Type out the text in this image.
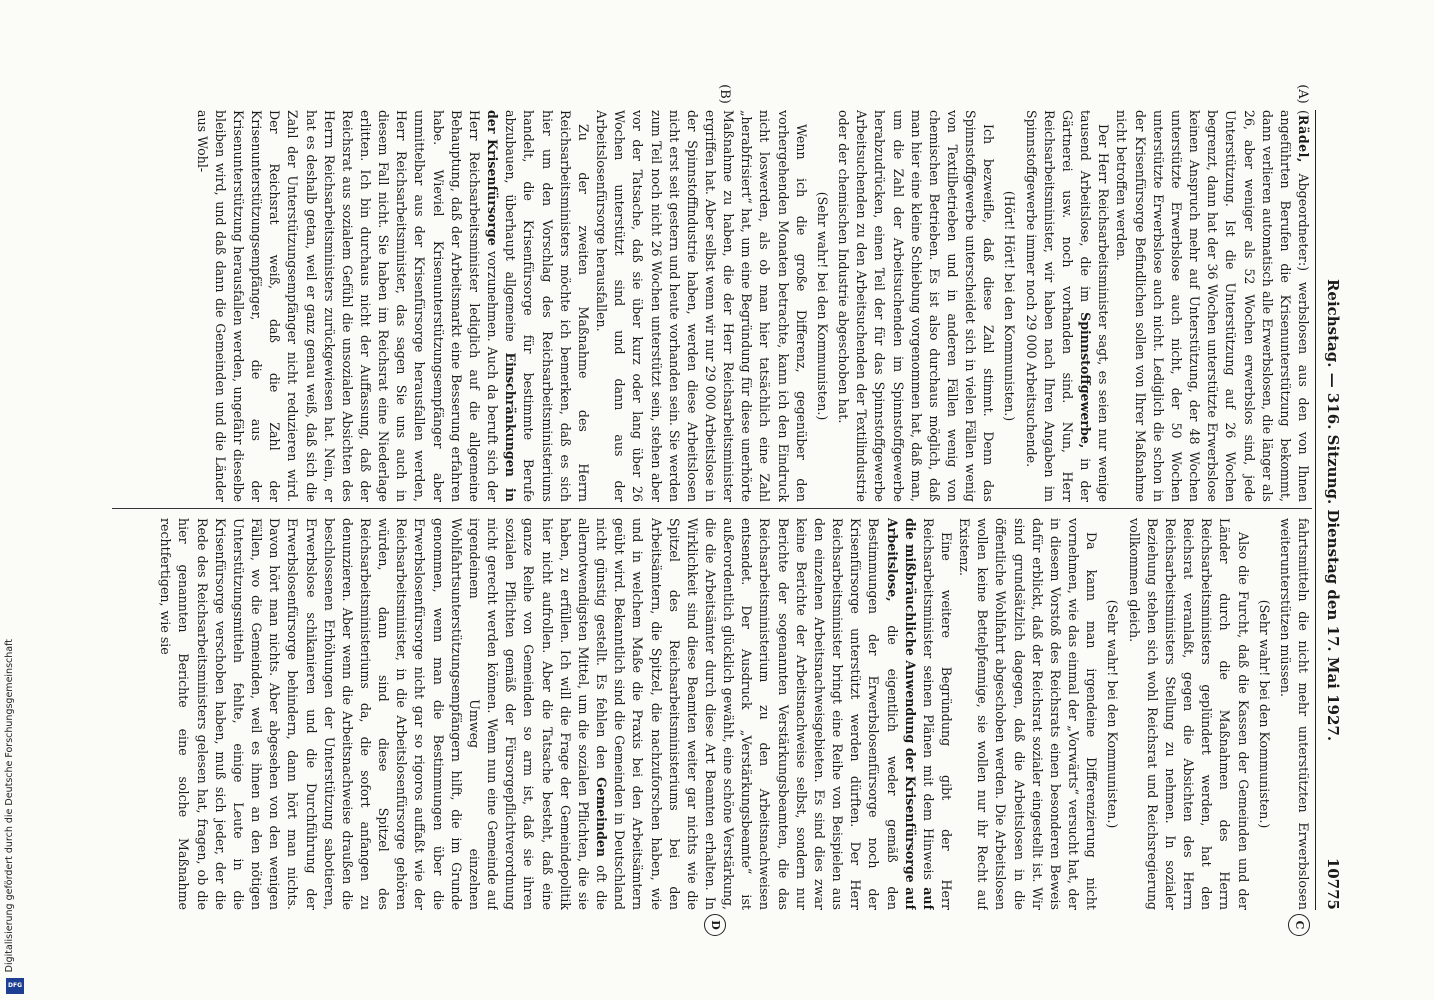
Reichstag. — 316. Sitzung. Dienstag den 17. Mai 1927.
10775

(Rädel, Abgeordneter:) werbslosen aus den von Ihnen angeführten Berufen die Krisenunterstützung bekommt, dann verlieren automatisch alle Erwerbslosen, die länger als 26, aber weniger als 52 Wochen erwerbslos sind, jede Unterstützung. Ist die Unterstützung auf 26 Wochen begrenzt, dann hat der 36 Wochen unterstützte Erwerbslose keinen Anspruch mehr auf Unterstützung, der 48 Wochen unterstützte Erwerbslose auch nicht, der 50 Wochen unterstützte Erwerbslose auch nicht. Lediglich die schon in der Krisenfürsorge Befindlichen sollen von Ihrer Maßnahme nicht betroffen werden.

Der Herr Reichsarbeitsminister sagt, es seien nur wenige tausend Arbeitslose, die im Spinnstoffgewerbe, in der Gärtnerei usw. noch vorhanden sind. Nun, Herr Reichsarbeitsminister, wir haben nach Ihren Angaben im Spinnstoffgewerbe immer noch 29 000 Arbeitsuchende.

(Hört! Hört! bei den Kommunisten.)

Ich bezweifle, daß diese Zahl stimmt. Denn das Spinnstoffgewerbe unterscheidet sich in vielen Fällen wenig von Textilbetrieben und in anderen Fällen wenig von chemischen Betrieben. Es ist also durchaus möglich, daß man hier eine kleine Schiebung vorgenommen hat, daß man, um die Zahl der Arbeitsuchenden im Spinnstoffgewerbe herabzudrücken, einen Teil der für das Spinnstoffgewerbe Arbeitsuchenden zu den Arbeitsuchenden der Textilindustrie oder der chemischen Industrie abgeschoben hat.

(Sehr wahr! bei den Kommunisten.)

Wenn ich die große Differenz, gegenüber den vorhergehenden Monaten betrachte, kann ich den Eindruck nicht loswerden, als ob man hier tatsächlich eine Zahl „herabfrisiert“ hat, um eine Begründung für diese unerhörte Maßnahme zu haben, die der Herr Reichsarbeitsminister ergriffen hat. Aber selbst wenn wir nur 29 000 Arbeitslose in der Spinnstoffindustrie haben, werden diese Arbeitslosen nicht erst seit gestern und heute vorhanden sein. Sie werden zum Teil noch nicht 26 Wochen unterstützt sein, stehen aber vor der Tatsache, daß sie über kurz oder lang über 26 Wochen unterstützt sind und dann aus der Arbeitslosenfürsorge herausfallen.

Zu der zweiten Maßnahme des Herrn Reichsarbeitsministers möchte ich bemerken, daß es sich hier um den Vorschlag des Reichsarbeitsministeriums handelt, die Krisenfürsorge für bestimmte Berufe abzubauen, überhaupt allgemeine Einschränkungen in der Krisenfürsorge vorzunehmen. Auch da beruft sich der Herr Reichsarbeitsminister lediglich auf die allgemeine Behauptung, daß der Arbeitsmarkt eine Besserung erfahren habe. Wieviel Krisenunterstützungsempfänger aber unmittelbar aus der Krisenfürsorge herausfallen werden, Herr Reichsarbeitsminister, das sagen Sie uns auch in diesem Fall nicht. Sie haben im Reichsrat eine Niederlage erlitten. Ich bin durchaus nicht der Auffassung, daß der Reichsrat aus sozialem Gefühl die unsozialen Absichten des Herrn Reichsarbeitsministers zurückgewiesen hat. Nein, er hat es deshalb getan, weil er ganz genau weiß, daß sich die Zahl der Unterstützungsempfänger nicht reduzieren wird. Der Reichsrat weiß, daß die Zahl der Krisenunterstützungsempfänger, die aus der Krisenunterstützung herausfallen werden, ungefähr dieselbe bleiben wird, und daß dann die Gemeinden und die Länder aus Wohl-

fahrtsmitteln die nicht mehr unterstützten Erwerbslosen weiterunterstützen müssen.

(Sehr wahr! bei den Kommunisten.)

Also die Furcht, daß die Kassen der Gemeinden und der Länder durch die Maßnahmen des Herrn Reichsarbeitsministers geplündert werden, hat den Reichsrat veranlaßt, gegen die Absichten des Herrn Reichsarbeitsministers Stellung zu nehmen. In sozialer Beziehung stehen sich wohl Reichsrat und Reichsregierung vollkommen gleich.

(Sehr wahr! bei den Kommunisten.)

Da kann man irgendeine Differenzierung nicht vornehmen, wie das einmal der „Vorwärts“ versucht hat, der in diesem Vorstoß des Reichsrats einen besonderen Beweis dafür erblickt, daß der Reichsrat sozialer eingestellt ist. Wir sind grundsätzlich dagegen, daß die Arbeitslosen in die öffentliche Wohlfahrt abgeschoben werden. Die Arbeitslosen wollen keine Bettelpfennige, sie wollen nur ihr Recht auf Existenz.

Eine weitere Begründung gibt der Herr Reichsarbeitsminister seinen Plänen mit dem Hinweis auf die mißbräuchliche Anwendung der Krisenfürsorge auf Arbeitslose, die eigentlich weder gemäß den Bestimmungen der Erwerbslosenfürsorge noch der Krisenfürsorge unterstützt werden dürften. Der Herr Reichsarbeitsminister bringt eine Reihe von Beispielen aus den einzelnen Arbeitsnachweisgebieten. Es sind dies zwar keine Berichte der Arbeitsnachweise selbst, sondern nur Berichte der sogenannten Verstärkungsbeamten, die das Reichsarbeitsministerium zu den Arbeitsnachweisen entsendet. Der Ausdruck „Verstärkungsbeamte“ ist außerordentlich glücklich gewählt, eine schöne Verstärkung, die die Arbeitsämter durch diese Art Beamten erhalten. In Wirklichkeit sind diese Beamten weiter gar nichts wie die Spitzel des Reichsarbeitsministeriums bei den Arbeitsämtern, die Spitzel, die nachzuforschen haben, wie und in welchem Maße die Praxis bei den Arbeitsämtern geübt wird. Bekanntlich sind die Gemeinden in Deutschland nicht günstig gestellt. Es fehlen den Gemeinden oft die allernotwendigsten Mittel, um die sozialen Pflichten, die sie haben, zu erfüllen. Ich will die Frage der Gemeindepolitik hier nicht aufrollen. Aber die Tatsache besteht, daß eine ganze Reihe von Gemeinden so arm ist, daß sie ihren sozialen Pflichten gemäß der Fürsorgepflichtverordnung nicht gerecht werden können. Wenn nun eine Gemeinde auf irgendeinem Umweg einzelnen Wohlfahrtsunterstützungsempfängern hilft, die im Grunde genommen, wenn man die Bestimmungen über die Erwerbslosenfürsorge nicht gar so rigoros auffaßt wie der Reichsarbeitsminister, in die Arbeitslosenfürsorge gehören würden, dann sind diese Spitzel des Reichsarbeitsministeriums da, die sofort anfangen zu denunzieren. Aber wenn die Arbeitsnachweise draußen die beschlossenen Erhöhungen der Unterstützung sabotieren, Erwerbslose schikanieren und die Durchführung der Erwerbslosenfürsorge behindern, dann hört man nichts. Davon hört man nichts. Aber abgesehen von den wenigen Fällen, wo die Gemeinden, weil es ihnen an den nötigen Unterstützungsmitteln fehlte, einige Leute in die Krisenfürsorge verschoben haben, muß sich jeder, der die Rede des Reichsarbeitsministers gelesen hat, fragen, ob die hier genannten Berichte eine solche Maßnahme rechtfertigen, wie sie

(A)
(B)
C
D
Digitalisierung gefördert durch die Deutsche Forschungsgemeinschaft
DFG
